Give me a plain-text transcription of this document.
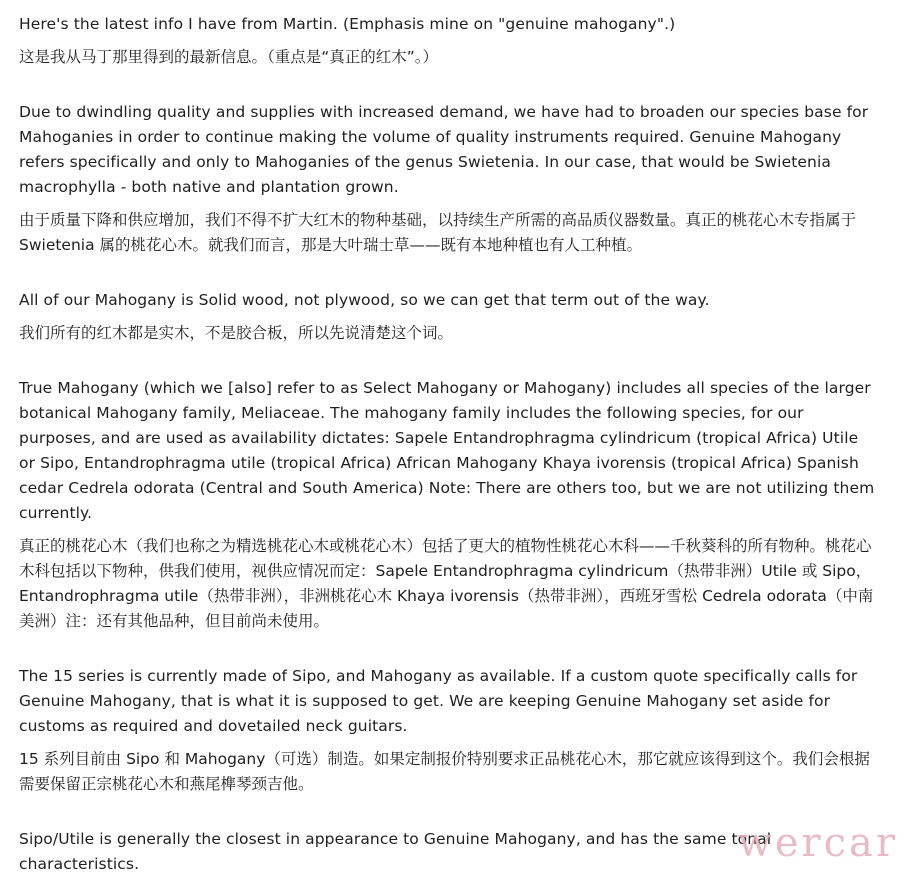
Here's the latest info I have from Martin. (Emphasis mine on "genuine mahogany".)

这是我从马丁那里得到的最新信息。（重点是“真正的红木”。）

Due to dwindling quality and supplies with increased demand, we have had to broaden our species base for Mahoganies in order to continue making the volume of quality instruments required. Genuine Mahogany refers specifically and only to Mahoganies of the genus Swietenia. In our case, that would be Swietenia macrophylla - both native and plantation grown.

由于质量下降和供应增加，我们不得不扩大红木的物种基础，以持续生产所需的高品质仪器数量。真正的桃花心木专指属于 Swietenia 属的桃花心木。就我们而言，那是大叶瑞士草——既有本地种植也有人工种植。

All of our Mahogany is Solid wood, not plywood, so we can get that term out of the way.

我们所有的红木都是实木，不是胶合板，所以先说清楚这个词。

True Mahogany (which we [also] refer to as Select Mahogany or Mahogany) includes all species of the larger botanical Mahogany family, Meliaceae. The mahogany family includes the following species, for our purposes, and are used as availability dictates: Sapele Entandrophragma cylindricum (tropical Africa) Utile or Sipo, Entandrophragma utile (tropical Africa) African Mahogany Khaya ivorensis (tropical Africa) Spanish cedar Cedrela odorata (Central and South America) Note: There are others too, but we are not utilizing them currently.

真正的桃花心木（我们也称之为精选桃花心木或桃花心木）包括了更大的植物性桃花心木科——千秋葵科的所有物种。桃花心木科包括以下物种，供我们使用，视供应情况而定：Sapele Entandrophragma cylindricum（热带非洲）Utile 或 Sipo，Entandrophragma utile（热带非洲），非洲桃花心木 Khaya ivorensis（热带非洲），西班牙雪松 Cedrela odorata（中南美洲）注：还有其他品种，但目前尚未使用。

The 15 series is currently made of Sipo, and Mahogany as available. If a custom quote specifically calls for Genuine Mahogany, that is what it is supposed to get. We are keeping Genuine Mahogany set aside for customs as required and dovetailed neck guitars.

15 系列目前由 Sipo 和 Mahogany（可选）制造。如果定制报价特别要求正品桃花心木，那它就应该得到这个。我们会根据需要保留正宗桃花心木和燕尾榫琴颈吉他。

Sipo/Utile is generally the closest in appearance to Genuine Mahogany, and has the same tonal characteristics.	wercar
